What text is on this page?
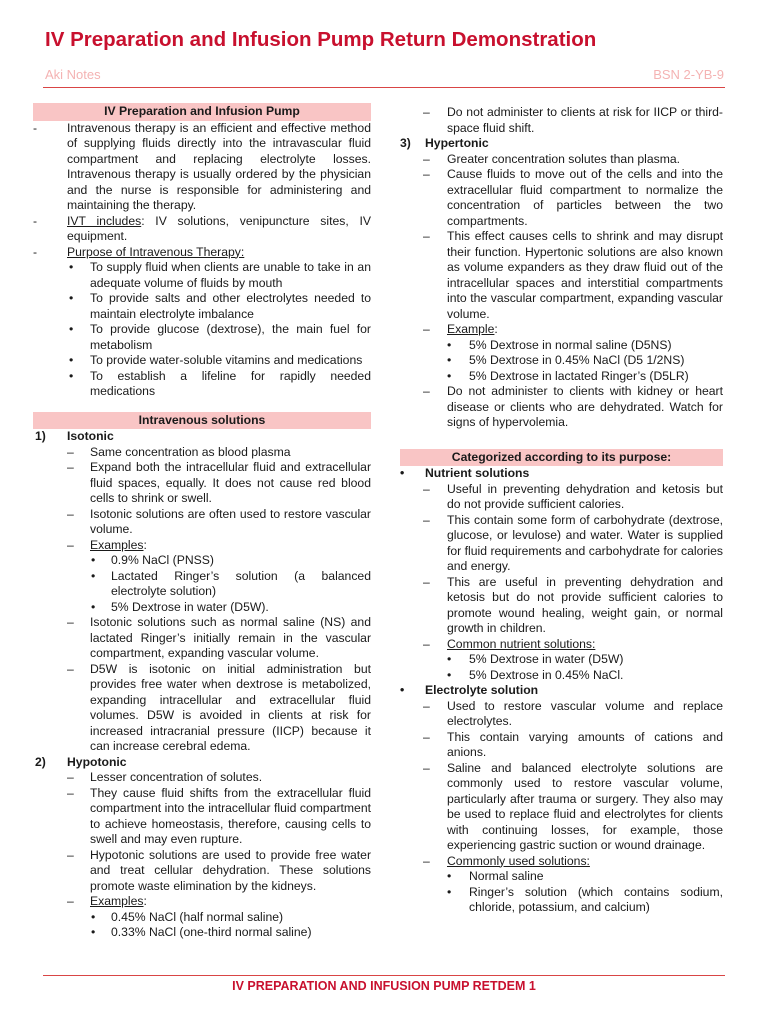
IV Preparation and Infusion Pump Return Demonstration
Aki Notes	BSN 2-YB-9
IV Preparation and Infusion Pump
- Intravenous therapy is an efficient and effective method of supplying fluids directly into the intravascular fluid compartment and replacing electrolyte losses. Intravenous therapy is usually ordered by the physician and the nurse is responsible for administering and maintaining the therapy.
- IVT includes: IV solutions, venipuncture sites, IV equipment.
- Purpose of Intravenous Therapy:
• To supply fluid when clients are unable to take in an adequate volume of fluids by mouth
• To provide salts and other electrolytes needed to maintain electrolyte imbalance
• To provide glucose (dextrose), the main fuel for metabolism
• To provide water-soluble vitamins and medications
• To establish a lifeline for rapidly needed medications
Intravenous solutions
1) Isotonic
– Same concentration as blood plasma
– Expand both the intracellular fluid and extracellular fluid spaces, equally. It does not cause red blood cells to shrink or swell.
– Isotonic solutions are often used to restore vascular volume.
– Examples:
• 0.9% NaCl (PNSS)
• Lactated Ringer’s solution (a balanced electrolyte solution)
• 5% Dextrose in water (D5W).
– Isotonic solutions such as normal saline (NS) and lactated Ringer’s initially remain in the vascular compartment, expanding vascular volume.
– D5W is isotonic on initial administration but provides free water when dextrose is metabolized, expanding intracellular and extracellular fluid volumes. D5W is avoided in clients at risk for increased intracranial pressure (IICP) because it can increase cerebral edema.
2) Hypotonic
– Lesser concentration of solutes.
– They cause fluid shifts from the extracellular fluid compartment into the intracellular fluid compartment to achieve homeostasis, therefore, causing cells to swell and may even rupture.
– Hypotonic solutions are used to provide free water and treat cellular dehydration. These solutions promote waste elimination by the kidneys.
– Examples:
• 0.45% NaCl (half normal saline)
• 0.33% NaCl (one-third normal saline)
– Do not administer to clients at risk for IICP or third-space fluid shift.
3) Hypertonic
– Greater concentration solutes than plasma.
– Cause fluids to move out of the cells and into the extracellular fluid compartment to normalize the concentration of particles between the two compartments.
– This effect causes cells to shrink and may disrupt their function. Hypertonic solutions are also known as volume expanders as they draw fluid out of the intracellular spaces and interstitial compartments into the vascular compartment, expanding vascular volume.
– Example:
• 5% Dextrose in normal saline (D5NS)
• 5% Dextrose in 0.45% NaCl (D5 1/2NS)
• 5% Dextrose in lactated Ringer’s (D5LR)
– Do not administer to clients with kidney or heart disease or clients who are dehydrated. Watch for signs of hypervolemia.
Categorized according to its purpose:
• Nutrient solutions
– Useful in preventing dehydration and ketosis but do not provide sufficient calories.
– This contain some form of carbohydrate (dextrose, glucose, or levulose) and water. Water is supplied for fluid requirements and carbohydrate for calories and energy.
– This are useful in preventing dehydration and ketosis but do not provide sufficient calories to promote wound healing, weight gain, or normal growth in children.
– Common nutrient solutions:
• 5% Dextrose in water (D5W)
• 5% Dextrose in 0.45% NaCl.
• Electrolyte solution
– Used to restore vascular volume and replace electrolytes.
– This contain varying amounts of cations and anions.
– Saline and balanced electrolyte solutions are commonly used to restore vascular volume, particularly after trauma or surgery. They also may be used to replace fluid and electrolytes for clients with continuing losses, for example, those experiencing gastric suction or wound drainage.
– Commonly used solutions:
• Normal saline
• Ringer’s solution (which contains sodium, chloride, potassium, and calcium)
IV PREPARATION AND INFUSION PUMP RETDEM 1
